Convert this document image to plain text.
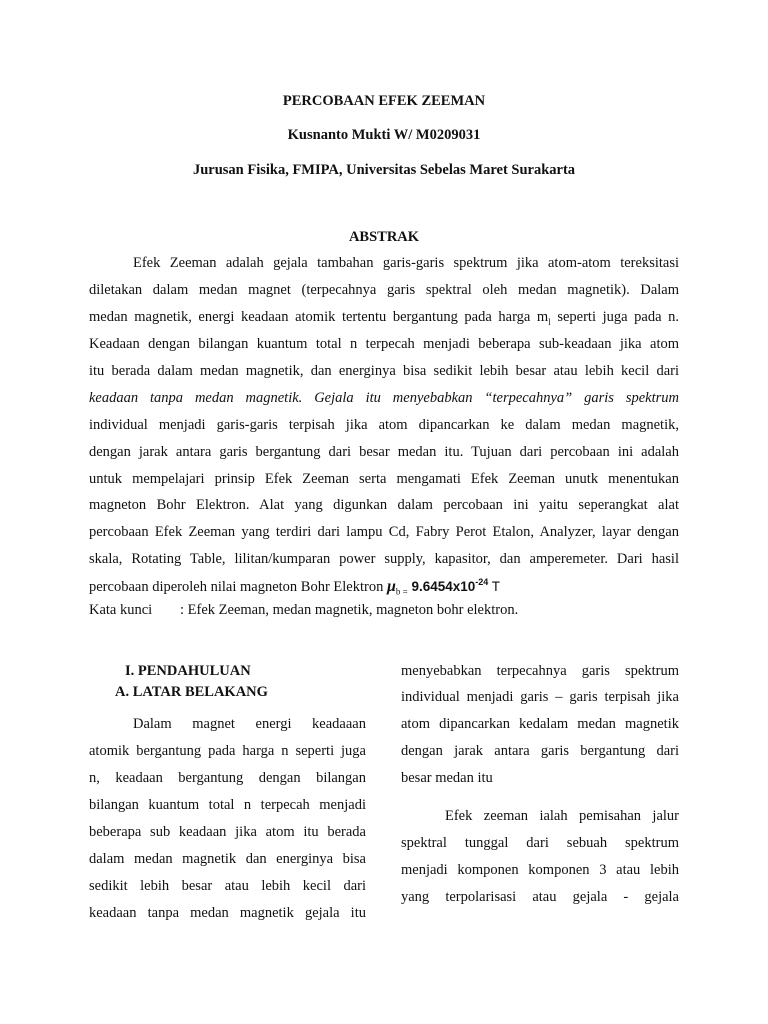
PERCOBAAN EFEK ZEEMAN
Kusnanto Mukti W/ M0209031
Jurusan Fisika, FMIPA, Universitas Sebelas Maret Surakarta
ABSTRAK
Efek Zeeman adalah gejala tambahan garis-garis spektrum jika atom-atom tereksitasi
diletakan dalam medan magnet (terpecahnya garis spektral oleh medan magnetik). Dalam
medan magnetik, energi keadaan atomik tertentu bergantung pada harga $m_l$ seperti juga pada n.
Keadaan dengan bilangan kuantum total n terpecah menjadi beberapa sub-keadaan jika atom
itu berada dalam medan magnetik, dan energinya bisa sedikit lebih besar atau lebih kecil dari
keadaan tanpa medan magnetik. Gejala itu menyebabkan “terpecahnya” garis spektrum
individual menjadi garis-garis terpisah jika atom dipancarkan ke dalam medan magnetik,
dengan jarak antara garis bergantung dari besar medan itu. Tujuan dari percobaan ini adalah
untuk mempelajari prinsip Efek Zeeman serta mengamati Efek Zeeman unutk menentukan
magneton Bohr Elektron. Alat yang digunkan dalam percobaan ini yaitu seperangkat alat
percobaan Efek Zeeman yang terdiri dari lampu Cd, Fabry Perot Etalon, Analyzer, layar dengan
skala, Rotating Table, lilitan/kumparan power supply, kapasitor, dan amperemeter. Dari hasil
percobaan diperoleh nilai magneton Bohr Elektron $\mu_{b =}$ $9.6454x10^{-24}$ T
Kata kunci : Efek Zeeman, medan magnetik, magneton bohr elektron.
I. PENDAHULUAN
A. LATAR BELAKANG
Dalam magnet energi keadaaan
atomik bergantung pada harga n seperti juga
n, keadaan bergantung dengan bilangan
bilangan kuantum total n terpecah menjadi
beberapa sub keadaan jika atom itu berada
dalam medan magnetik dan energinya bisa
sedikit lebih besar atau lebih kecil dari
keadaan tanpa medan magnetik gejala itu
menyebabkan terpecahnya garis spektrum
individual menjadi garis – garis terpisah jika
atom dipancarkan kedalam medan magnetik
dengan jarak antara garis bergantung dari
besar medan itu
Efek zeeman ialah pemisahan jalur
spektral tunggal dari sebuah spektrum
menjadi komponen komponen 3 atau lebih
yang terpolarisasi atau gejala - gejala
